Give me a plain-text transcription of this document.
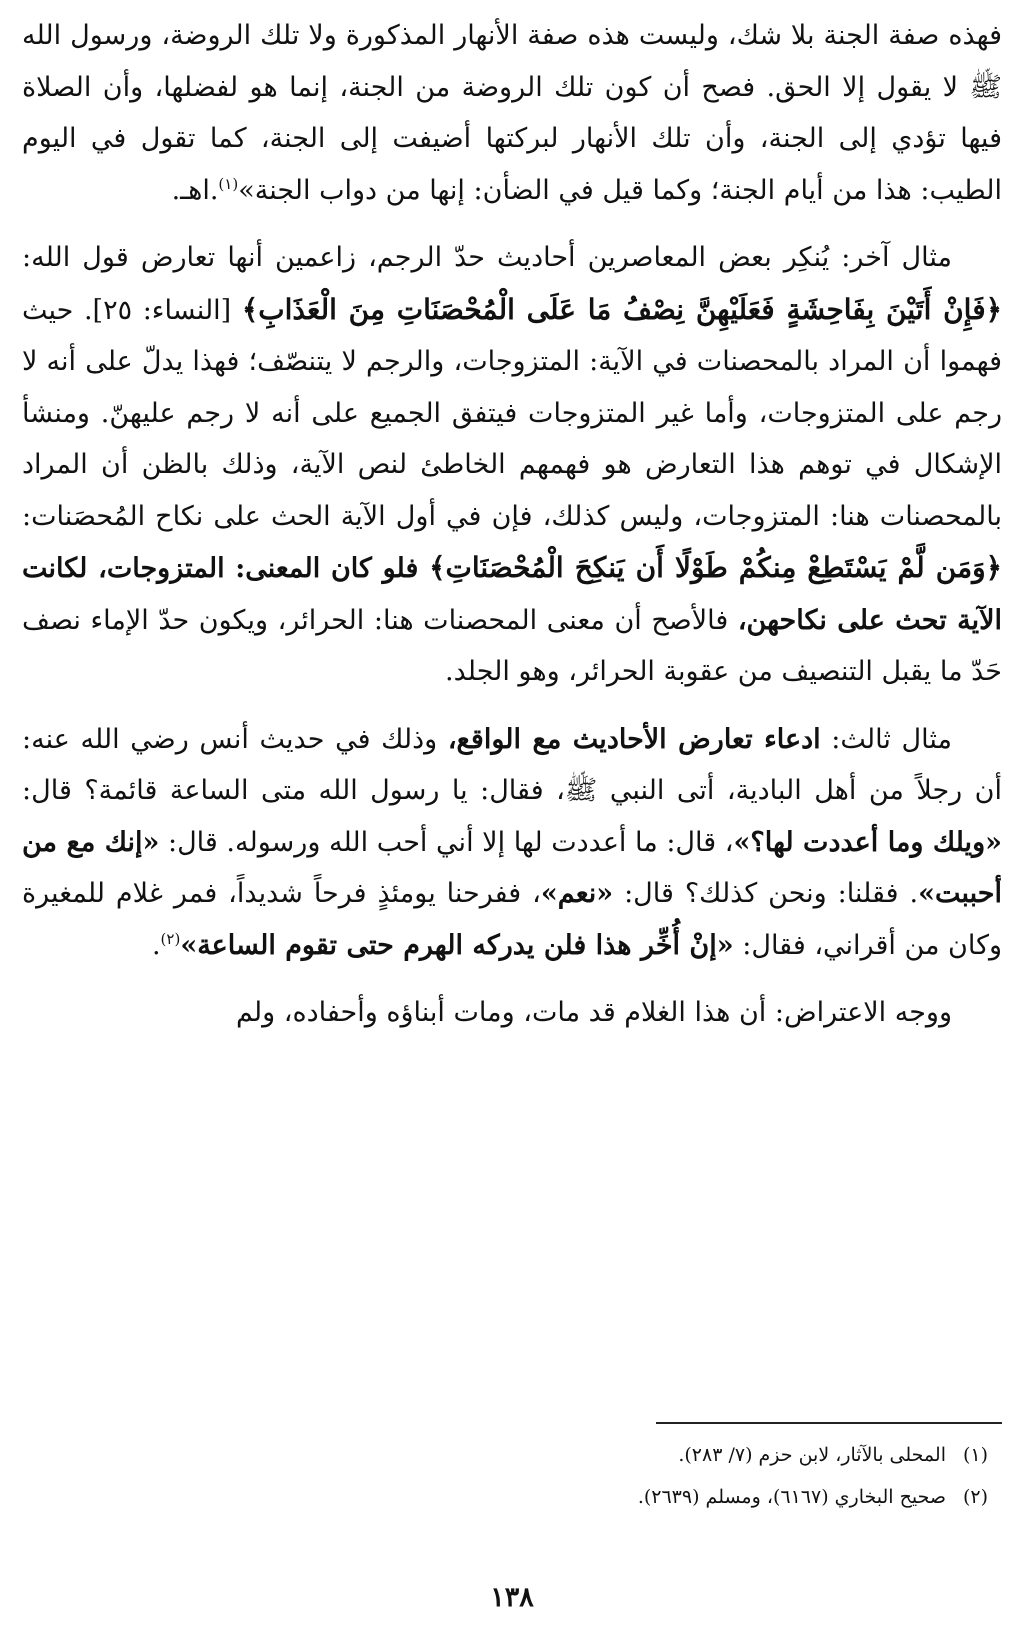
فهذه صفة الجنة بلا شك، وليست هذه صفة الأنهار المذكورة ولا تلك الروضة، ورسول الله ﷺ لا يقول إلا الحق. فصح أن كون تلك الروضة من الجنة، إنما هو لفضلها، وأن الصلاة فيها تؤدي إلى الجنة، وأن تلك الأنهار لبركتها أضيفت إلى الجنة، كما تقول في اليوم الطيب: هذا من أيام الجنة؛ وكما قيل في الضأن: إنها من دواب الجنة»$^{(١)}$.اهـ.

مثال آخر: يُنكِر بعض المعاصرين أحاديث حدّ الرجم، زاعمين أنها تعارض قول الله: ﴿فَإِنْ أَتَيْنَ بِفَاحِشَةٍ فَعَلَيْهِنَّ نِصْفُ مَا عَلَى الْمُحْصَنَاتِ مِنَ الْعَذَابِ﴾ [النساء: ٢٥]. حيث فهموا أن المراد بالمحصنات في الآية: المتزوجات، والرجم لا يتنصّف؛ فهذا يدلّ على أنه لا رجم على المتزوجات، وأما غير المتزوجات فيتفق الجميع على أنه لا رجم عليهنّ. ومنشأ الإشكال في توهم هذا التعارض هو فهمهم الخاطئ لنص الآية، وذلك بالظن أن المراد بالمحصنات هنا: المتزوجات، وليس كذلك، فإن في أول الآية الحث على نكاح المُحصَنات: ﴿وَمَن لَّمْ يَسْتَطِعْ مِنكُمْ طَوْلًا أَن يَنكِحَ الْمُحْصَنَاتِ﴾ فلو كان المعنى: المتزوجات، لكانت الآية تحث على نكاحهن، فالأصح أن معنى المحصنات هنا: الحرائر، ويكون حدّ الإماء نصف حَدّ ما يقبل التنصيف من عقوبة الحرائر، وهو الجلد.

مثال ثالث: ادعاء تعارض الأحاديث مع الواقع، وذلك في حديث أنس رضي الله عنه: أن رجلاً من أهل البادية، أتى النبي ﷺ، فقال: يا رسول الله متى الساعة قائمة؟ قال: «ويلك وما أعددت لها؟»، قال: ما أعددت لها إلا أني أحب الله ورسوله. قال: «إنك مع من أحببت». فقلنا: ونحن كذلك؟ قال: «نعم»، ففرحنا يومئذٍ فرحاً شديداً، فمر غلام للمغيرة وكان من أقراني، فقال: «إنْ أُخِّر هذا فلن يدركه الهرم حتى تقوم الساعة»$^{(٢)}$.

ووجه الاعتراض: أن هذا الغلام قد مات، ومات أبناؤه وأحفاده، ولم

(١)
المحلى بالآثار، لابن حزم (٧/ ٢٨٣).
(٢)
صحيح البخاري (٦١٦٧)، ومسلم (٢٦٣٩).
١٣٨
